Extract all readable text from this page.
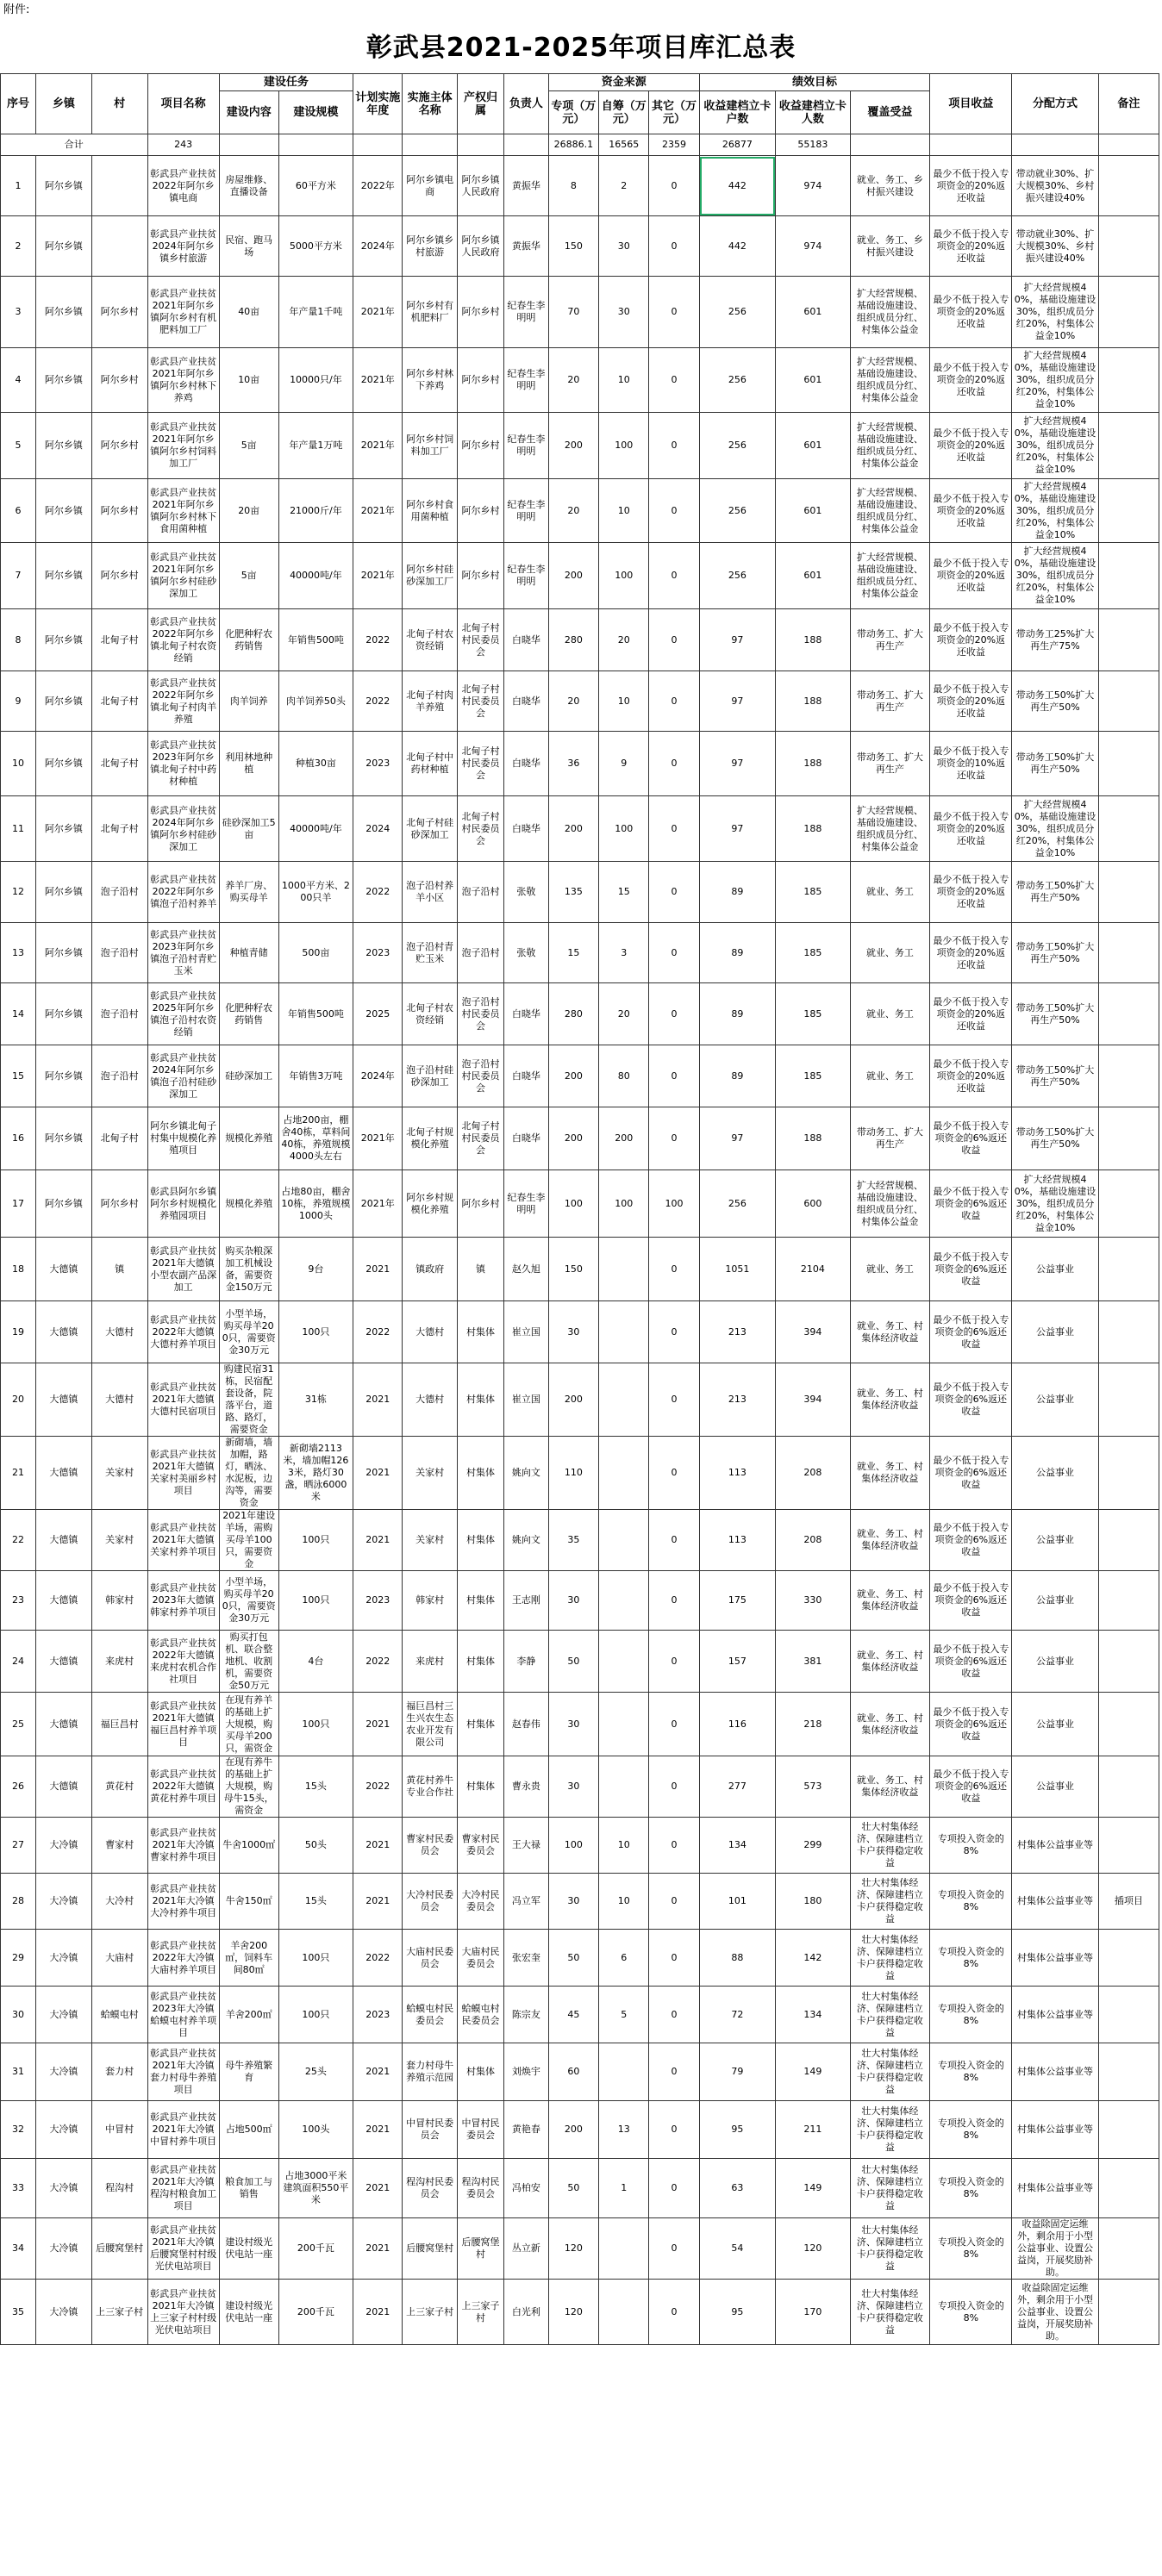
附件:
彰武县2021-2025年项目库汇总表
序号	乡镇	村	项目名称	建设任务		计划实施年度	实施主体名称	产权归属	负责人	资金来源			绩效目标			项目收益	分配方式	备注
				建设内容	建设规模					专项（万元）	自筹（万元）	其它（万元）	收益建档立卡户数	收益建档立卡人数	覆盖受益			
合计			243							26886.1	16565	2359	26877	55183				
1	阿尔乡镇		彰武县产业扶贫2022年阿尔乡镇电商	房屋维修、直播设备	60平方米	2022年	阿尔乡镇电商	阿尔乡镇人民政府	黄振华	8	2	0	442	974	就业、务工、乡村振兴建设	最少不低于投入专项资金的20%返还收益	带动就业30%、扩大规模30%、乡村振兴建设40%	
2	阿尔乡镇		彰武县产业扶贫2024年阿尔乡镇乡村旅游	民宿、跑马场	5000平方米	2024年	阿尔乡镇乡村旅游	阿尔乡镇人民政府	黄振华	150	30	0	442	974	就业、务工、乡村振兴建设	最少不低于投入专项资金的20%返还收益	带动就业30%、扩大规模30%、乡村振兴建设40%	
3	阿尔乡镇	阿尔乡村	彰武县产业扶贫2021年阿尔乡镇阿尔乡村有机肥料加工厂	40亩	年产量1千吨	2021年	阿尔乡村有机肥料厂	阿尔乡村	纪春生李明明	70	30	0	256	601	扩大经营规模、基础设施建设、组织成员分红、村集体公益金	最少不低于投入专项资金的20%返还收益	扩大经营规模40%，基础设施建设30%，组织成员分红20%，村集体公益金10%	
4	阿尔乡镇	阿尔乡村	彰武县产业扶贫2021年阿尔乡镇阿尔乡村林下养鸡	10亩	10000只/年	2021年	阿尔乡村林下养鸡	阿尔乡村	纪春生李明明	20	10	0	256	601	扩大经营规模、基础设施建设、组织成员分红、村集体公益金	最少不低于投入专项资金的20%返还收益	扩大经营规模40%，基础设施建设30%，组织成员分红20%，村集体公益金10%	
5	阿尔乡镇	阿尔乡村	彰武县产业扶贫2021年阿尔乡镇阿尔乡村饲料加工厂	5亩	年产量1万吨	2021年	阿尔乡村饲料加工厂	阿尔乡村	纪春生李明明	200	100	0	256	601	扩大经营规模、基础设施建设、组织成员分红、村集体公益金	最少不低于投入专项资金的20%返还收益	扩大经营规模40%，基础设施建设30%，组织成员分红20%，村集体公益金10%	
6	阿尔乡镇	阿尔乡村	彰武县产业扶贫2021年阿尔乡镇阿尔乡村林下食用菌种植	20亩	21000斤/年	2021年	阿尔乡村食用菌种植	阿尔乡村	纪春生李明明	20	10	0	256	601	扩大经营规模、基础设施建设、组织成员分红、村集体公益金	最少不低于投入专项资金的20%返还收益	扩大经营规模40%，基础设施建设30%，组织成员分红20%，村集体公益金10%	
7	阿尔乡镇	阿尔乡村	彰武县产业扶贫2021年阿尔乡镇阿尔乡村硅砂深加工	5亩	40000吨/年	2021年	阿尔乡村硅砂深加工厂	阿尔乡村	纪春生李明明	200	100	0	256	601	扩大经营规模、基础设施建设、组织成员分红、村集体公益金	最少不低于投入专项资金的20%返还收益	扩大经营规模40%，基础设施建设30%，组织成员分红20%，村集体公益金10%	
8	阿尔乡镇	北甸子村	彰武县产业扶贫2022年阿尔乡镇北甸子村农资经销	化肥种籽农药销售	年销售500吨	2022	北甸子村农资经销	北甸子村村民委员会	白晓华	280	20	0	97	188	带动务工、扩大再生产	最少不低于投入专项资金的20%返还收益	带动务工25%扩大再生产75%	
9	阿尔乡镇	北甸子村	彰武县产业扶贫2022年阿尔乡镇北甸子村肉羊养殖	肉羊饲养	肉羊饲养50头	2022	北甸子村肉羊养殖	北甸子村村民委员会	白晓华	20	10	0	97	188	带动务工、扩大再生产	最少不低于投入专项资金的20%返还收益	带动务工50%扩大再生产50%	
10	阿尔乡镇	北甸子村	彰武县产业扶贫2023年阿尔乡镇北甸子村中药材种植	利用林地种植	种植30亩	2023	北甸子村中药材种植	北甸子村村民委员会	白晓华	36	9	0	97	188	带动务工、扩大再生产	最少不低于投入专项资金的10%返还收益	带动务工50%扩大再生产50%	
11	阿尔乡镇	北甸子村	彰武县产业扶贫2024年阿尔乡镇阿尔乡村硅砂深加工	硅砂深加工5亩	40000吨/年	2024	北甸子村硅砂深加工	北甸子村村民委员会	白晓华	200	100	0	97	188	扩大经营规模、基础设施建设、组织成员分红、村集体公益金	最少不低于投入专项资金的20%返还收益	扩大经营规模40%，基础设施建设30%，组织成员分红20%，村集体公益金10%	
12	阿尔乡镇	泡子沿村	彰武县产业扶贫2022年阿尔乡镇泡子沿村养羊	养羊厂房、购买母羊	1000平方米、200只羊	2022	泡子沿村养羊小区	泡子沿村	张敬	135	15	0	89	185	就业、务工	最少不低于投入专项资金的20%返还收益	带动务工50%扩大再生产50%	
13	阿尔乡镇	泡子沿村	彰武县产业扶贫2023年阿尔乡镇泡子沿村青贮玉米	种植青储	500亩	2023	泡子沿村青贮玉米	泡子沿村	张敬	15	3	0	89	185	就业、务工	最少不低于投入专项资金的20%返还收益	带动务工50%扩大再生产50%	
14	阿尔乡镇	泡子沿村	彰武县产业扶贫2025年阿尔乡镇泡子沿村农资经销	化肥种籽农药销售	年销售500吨	2025	北甸子村农资经销	泡子沿村村民委员会	白晓华	280	20	0	89	185	就业、务工	最少不低于投入专项资金的20%返还收益	带动务工50%扩大再生产50%	
15	阿尔乡镇	泡子沿村	彰武县产业扶贫2024年阿尔乡镇泡子沿村硅砂深加工	硅砂深加工	年销售3万吨	2024年	泡子沿村硅砂深加工	泡子沿村村民委员会	白晓华	200	80	0	89	185	就业、务工	最少不低于投入专项资金的20%返还收益	带动务工50%扩大再生产50%	
16	阿尔乡镇	北甸子村	阿尔乡镇北甸子村集中规模化养殖项目	规模化养殖	占地200亩，棚舍40栋，草料间40栋，养殖规模4000头左右	2021年	北甸子村规模化养殖	北甸子村村民委员会	白晓华	200	200	0	97	188	带动务工、扩大再生产	最少不低于投入专项资金的6%返还收益	带动务工50%扩大再生产50%	
17	阿尔乡镇	阿尔乡村	彰武县阿尔乡镇阿尔乡村规模化养殖园项目	规模化养殖	占地80亩，棚舍10栋，养殖规模1000头	2021年	阿尔乡村规模化养殖	阿尔乡村	纪春生李明明	100	100	100	256	600	扩大经营规模、基础设施建设、组织成员分红、村集体公益金	最少不低于投入专项资金的6%返还收益	扩大经营规模40%，基础设施建设30%，组织成员分红20%，村集体公益金10%	
18	大德镇	镇	彰武县产业扶贫2021年大德镇小型农副产品深加工	购买杂粮深加工机械设备，需要资金150万元	9台	2021	镇政府	镇	赵久旭	150		0	1051	2104	就业、务工	最少不低于投入专项资金的6%返还收益	公益事业	
19	大德镇	大德村	彰武县产业扶贫2022年大德镇大德村养羊项目	小型羊场，购买母羊200只，需要资金30万元	100只	2022	大德村	村集体	崔立国	30		0	213	394	就业、务工、村集体经济收益	最少不低于投入专项资金的6%返还收益	公益事业	
20	大德镇	大德村	彰武县产业扶贫2021年大德镇大德村民宿项目	购建民宿31栋，民宿配套设备，院落平台，道路、路灯，需要资金	31栋	2021	大德村	村集体	崔立国	200		0	213	394	就业、务工、村集体经济收益	最少不低于投入专项资金的6%返还收益	公益事业	
21	大德镇	关家村	彰武县产业扶贫2021年大德镇关家村美丽乡村项目	新砌墙，墙加帽，路灯，晒泳、水泥板，边沟等，需要资金	新砌墙2113米，墙加帽1263米，路灯30盏，晒泳6000米	2021	关家村	村集体	姚向文	110		0	113	208	就业、务工、村集体经济收益	最少不低于投入专项资金的6%返还收益	公益事业	
22	大德镇	关家村	彰武县产业扶贫2021年大德镇关家村养羊项目	2021年建设羊场，需购买母羊100只，需要资金	100只	2021	关家村	村集体	姚向文	35		0	113	208	就业、务工、村集体经济收益	最少不低于投入专项资金的6%返还收益	公益事业	
23	大德镇	韩家村	彰武县产业扶贫2023年大德镇韩家村养羊项目	小型羊场，购买母羊200只，需要资金30万元	100只	2023	韩家村	村集体	王志刚	30		0	175	330	就业、务工、村集体经济收益	最少不低于投入专项资金的6%返还收益	公益事业	
24	大德镇	来虎村	彰武县产业扶贫2022年大德镇来虎村农机合作社项目	购买打包机、联合整地机、收割机，需要资金50万元	4台	2022	来虎村	村集体	李静	50		0	157	381	就业、务工、村集体经济收益	最少不低于投入专项资金的6%返还收益	公益事业	
25	大德镇	福巨昌村	彰武县产业扶贫2021年大德镇福巨昌村养羊项目	在现有养羊的基础上扩大规模，购买母羊200只，需资金	100只	2021	福巨昌村三生兴农生态农业开发有限公司	村集体	赵春伟	30		0	116	218	就业、务工、村集体经济收益	最少不低于投入专项资金的6%返还收益	公益事业	
26	大德镇	黄花村	彰武县产业扶贫2022年大德镇黄花村养牛项目	在现有养牛的基础上扩大规模，购母牛15头，需资金	15头	2022	黄花村养牛专业合作社	村集体	曹永贵	30		0	277	573	就业、务工、村集体经济收益	最少不低于投入专项资金的6%返还收益	公益事业	
27	大冷镇	曹家村	彰武县产业扶贫2021年大冷镇曹家村养牛项目	牛舍1000㎡	50头	2021	曹家村民委员会	曹家村民委员会	王大禄	100	10	0	134	299	壮大村集体经济、保障建档立卡户获得稳定收益	专项投入资金的8%	村集体公益事业等	
28	大冷镇	大冷村	彰武县产业扶贫2021年大冷镇大冷村养牛项目	牛舍150㎡	15头	2021	大冷村民委员会	大冷村民委员会	冯立军	30	10	0	101	180	壮大村集体经济、保障建档立卡户获得稳定收益	专项投入资金的8%	村集体公益事业等	插项目
29	大冷镇	大庙村	彰武县产业扶贫2022年大冷镇大庙村养羊项目	羊舍200㎡，饲料车间80㎡	100只	2022	大庙村民委员会	大庙村民委员会	张宏奎	50	6	0	88	142	壮大村集体经济、保障建档立卡户获得稳定收益	专项投入资金的8%	村集体公益事业等	
30	大冷镇	蛤蟆屯村	彰武县产业扶贫2023年大冷镇蛤蟆屯村养羊项目	羊舍200㎡	100只	2023	蛤蟆屯村民委员会	蛤蟆屯村民委员会	陈宗友	45	5	0	72	134	壮大村集体经济、保障建档立卡户获得稳定收益	专项投入资金的8%	村集体公益事业等	
31	大冷镇	套力村	彰武县产业扶贫2021年大冷镇套力村母牛养殖项目	母牛养殖繁育	25头	2021	套力村母牛养殖示范园	村集体	刘焕宇	60		0	79	149	壮大村集体经济、保障建档立卡户获得稳定收益	专项投入资金的8%	村集体公益事业等	
32	大冷镇	中冒村	彰武县产业扶贫2021年大冷镇中冒村养牛项目	占地500㎡	100头	2021	中冒村民委员会	中冒村民委员会	黄艳春	200	13	0	95	211	壮大村集体经济、保障建档立卡户获得稳定收益	专项投入资金的8%	村集体公益事业等	
33	大冷镇	程沟村	彰武县产业扶贫2021年大冷镇程沟村粮食加工项目	粮食加工与销售	占地3000平米建筑面积550平米	2021	程沟村民委员会	程沟村民委员会	冯柏安	50	1	0	63	149	壮大村集体经济、保障建档立卡户获得稳定收益	专项投入资金的8%	村集体公益事业等	
34	大冷镇	后腰窝堡村	彰武县产业扶贫2021年大冷镇后腰窝堡村村级光伏电站项目	建设村级光伏电站一座	200千瓦	2021	后腰窝堡村	后腰窝堡村	丛立新	120		0	54	120	壮大村集体经济、保障建档立卡户获得稳定收益	专项投入资金的8%	收益除固定运维外，剩余用于小型公益事业、设置公益岗，开展奖励补助。	
35	大冷镇	上三家子村	彰武县产业扶贫2021年大冷镇上三家子村村级光伏电站项目	建设村级光伏电站一座	200千瓦	2021	上三家子村	上三家子村	白光利	120		0	95	170	壮大村集体经济、保障建档立卡户获得稳定收益	专项投入资金的8%	收益除固定运维外，剩余用于小型公益事业、设置公益岗，开展奖励补助。	
